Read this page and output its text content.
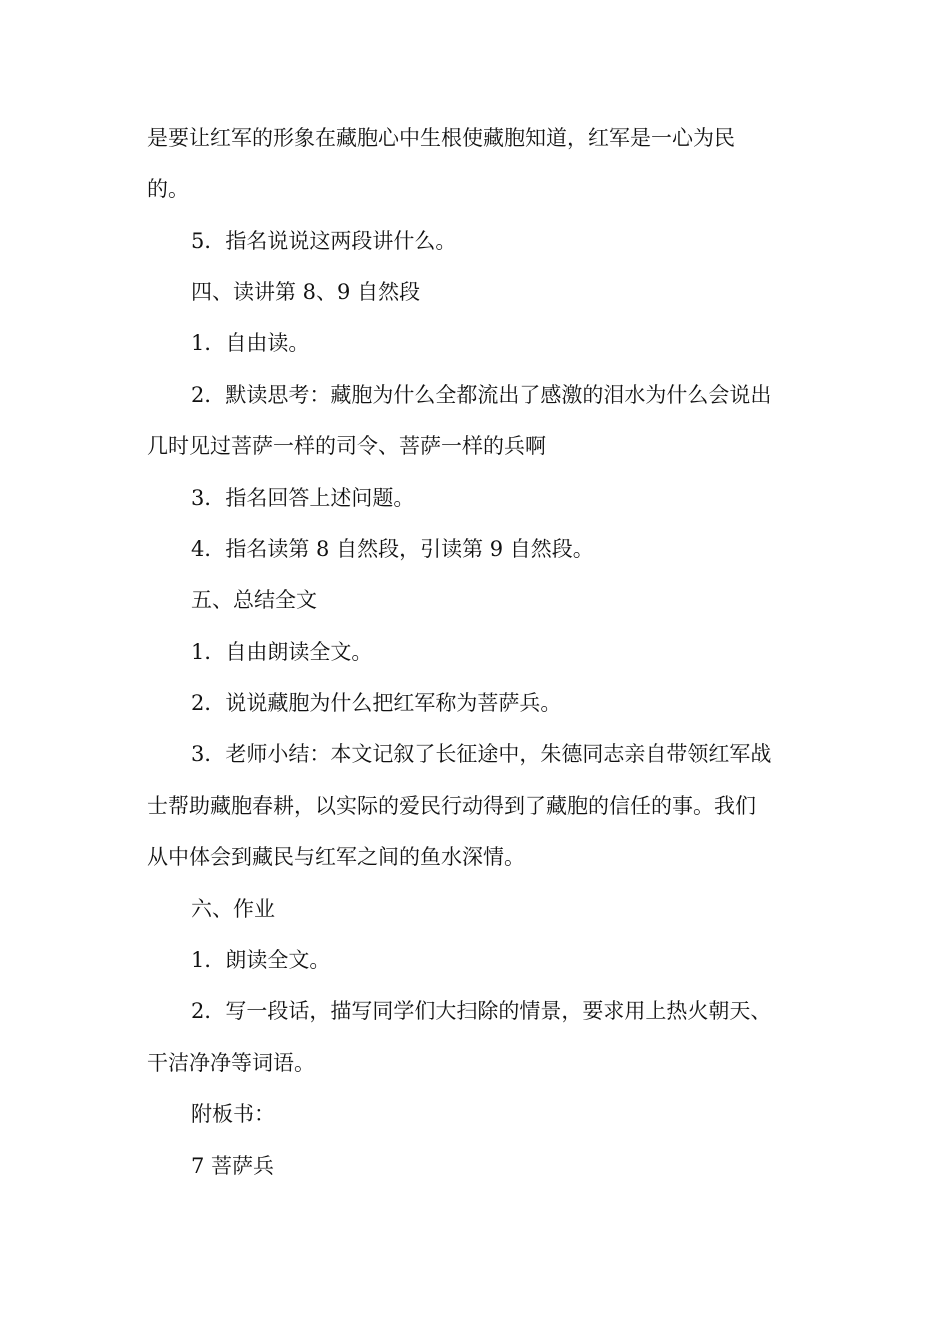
是要让红军的形象在藏胞心中生根使藏胞知道，红军是一心为民
的。
5．指名说说这两段讲什么。
四、读讲第 8、9 自然段
1．自由读。
2．默读思考：藏胞为什么全都流出了感激的泪水为什么会说出
几时见过菩萨一样的司令、菩萨一样的兵啊
3．指名回答上述问题。
4．指名读第 8 自然段，引读第 9 自然段。
五、总结全文
1．自由朗读全文。
2．说说藏胞为什么把红军称为菩萨兵。
3．老师小结：本文记叙了长征途中，朱德同志亲自带领红军战
士帮助藏胞春耕，以实际的爱民行动得到了藏胞的信任的事。我们
从中体会到藏民与红军之间的鱼水深情。
六、作业
1．朗读全文。
2．写一段话，描写同学们大扫除的情景，要求用上热火朝天、
干洁净净等词语。
附板书：
7 菩萨兵
